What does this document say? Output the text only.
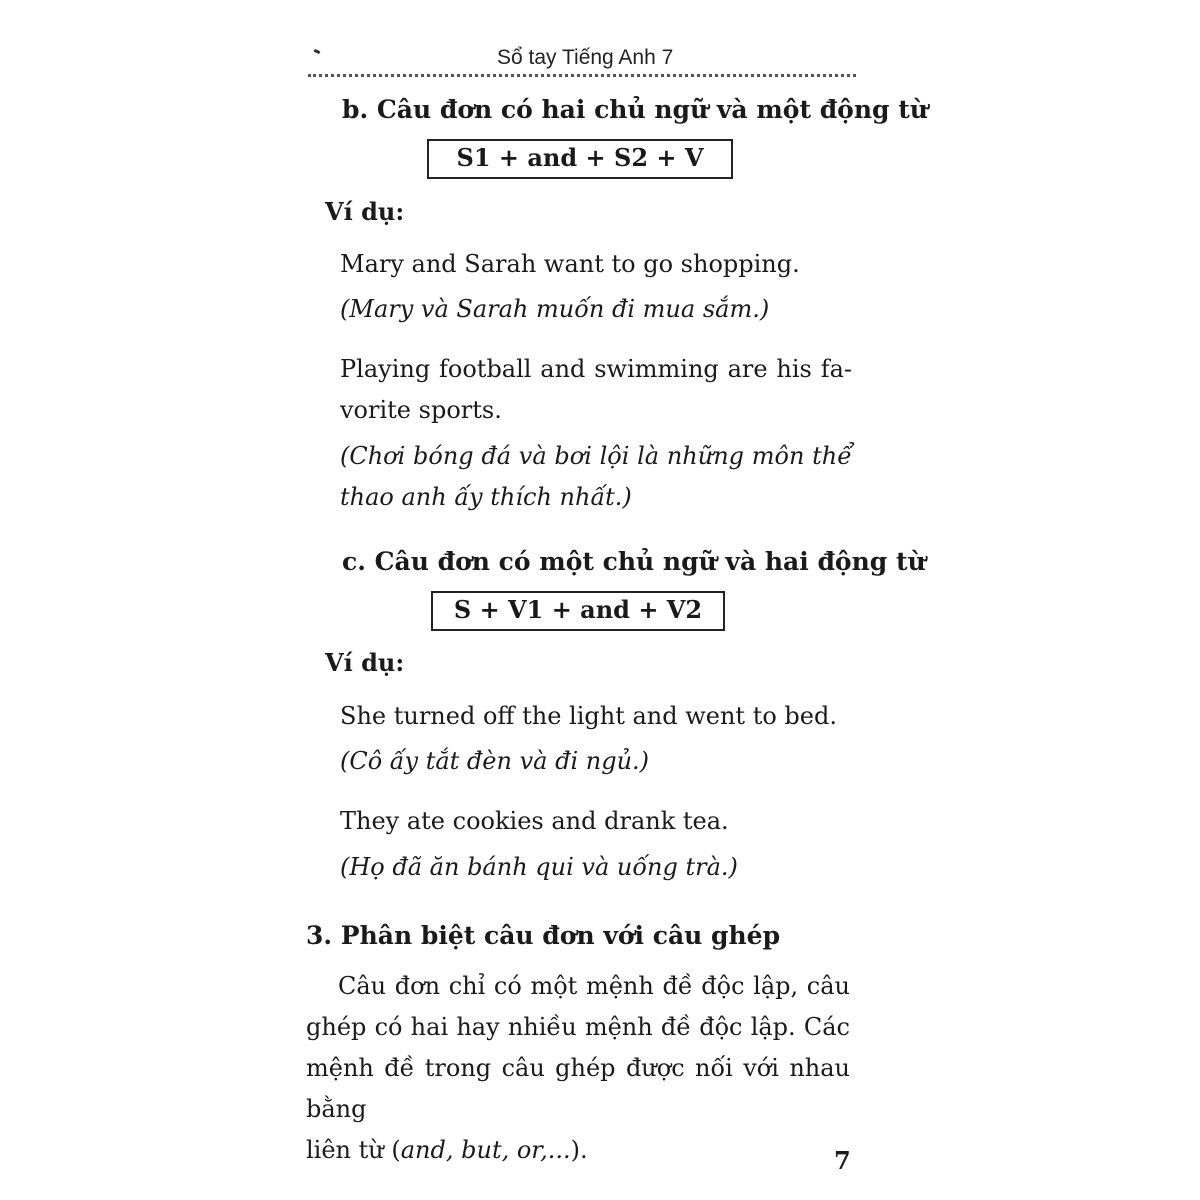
Sổ tay Tiếng Anh 7
b. Câu đơn có hai chủ ngữ và một động từ
S1 + and + S2 + V
Ví dụ:
Mary and Sarah want to go shopping.
(Mary và Sarah muốn đi mua sắm.)
Playing football and swimming are his fa-
vorite sports.
(Chơi bóng đá và bơi lội là những môn thể
thao anh ấy thích nhất.)
c. Câu đơn có một chủ ngữ và hai động từ
S + V1 + and + V2
Ví dụ:
She turned off the light and went to bed.
(Cô ấy tắt đèn và đi ngủ.)
They ate cookies and drank tea.
(Họ đã ăn bánh qui và uống trà.)
3. Phân biệt câu đơn với câu ghép
Câu đơn chỉ có một mệnh đề độc lập, câu
ghép có hai hay nhiều mệnh đề độc lập. Các
mệnh đề trong câu ghép được nối với nhau bằng
liên từ (and, but, or,...).	7
